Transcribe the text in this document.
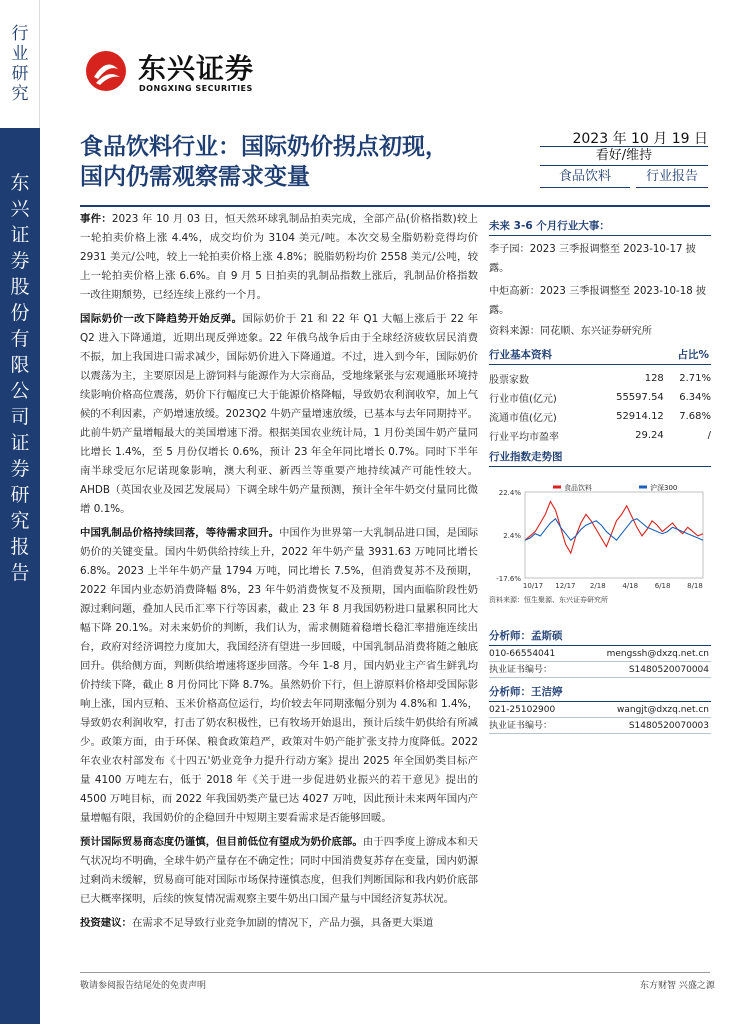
行业研究
东兴证券股份有限公司证券研究报告
东兴证券
DONGXING SECURITIES
食品饮料行业：国际奶价拐点初现，
国内仍需观察需求变量
2023 年 10 月 19 日
看好/维持
食品饮料	行业报告

事件：2023 年 10 月 03 日，恒天然环球乳制品拍卖完成，全部产品(价格指数)较上一轮拍卖价格上涨 4.4%，成交均价为 3104 美元/吨。本次交易全脂奶粉竞得均价 2931 美元/公吨，较上一轮拍卖价格上涨 4.8%；脱脂奶粉均价 2558 美元/公吨，较上一轮拍卖价格上涨 6.6%。自 9 月 5 日拍卖的乳制品指数上涨后，乳制品价格指数一改往期颓势，已经连续上涨约一个月。

国际奶价一改下降趋势开始反弹。国际奶价于 21 和 22 年 Q1 大幅上涨后于 22 年 Q2 进入下降通道，近期出现反弹迹象。22 年俄乌战争后由于全球经济疲软居民消费不振，加上我国进口需求减少，国际奶价进入下降通道。不过，进入到今年，国际奶价以震荡为主，主要原因是上游饲料与能源作为大宗商品，受地缘紧张与宏观通胀环境持续影响价格高位震荡，奶价下行幅度已大于能源价格降幅，导致奶农利润收窄，加上气候的不利因素，产奶增速放缓。2023Q2 牛奶产量增速放缓，已基本与去年同期持平。此前牛奶产量增幅最大的美国增速下滑。根据美国农业统计局，1 月份美国牛奶产量同比增长 1.4%，至 5 月份仅增长 0.6%，预计 23 年全年同比增长 0.7%。同时下半年南半球受厄尔尼诺现象影响，澳大利亚、新西兰等重要产地持续减产可能性较大。AHDB（英国农业及园艺发展局）下调全球牛奶产量预测，预计全年牛奶交付量同比微增 0.1%。

中国乳制品价格持续回落，等待需求回升。中国作为世界第一大乳制品进口国，是国际奶价的关键变量。国内牛奶供给持续上升，2022 年牛奶产量 3931.63 万吨同比增长 6.8%。2023 上半年牛奶产量 1794 万吨，同比增长 7.5%，但消费复苏不及预期，2022 年国内业态奶消费降幅 8%，23 年牛奶消费恢复不及预期，国内面临阶段性奶源过剩问题，叠加人民币汇率下行等因素，截止 23 年 8 月我国奶粉进口量累积同比大幅下降 20.1%。对未来奶价的判断，我们认为，需求侧随着稳增长稳汇率措施连续出台，政府对经济调控力度加大，我国经济有望进一步回暖，中国乳制品消费将随之触底回升。供给侧方面，判断供给增速将逐步回落。今年 1-8 月，国内奶业主产省生鲜乳均价持续下降，截止 8 月份同比下降 8.7%。虽然奶价下行，但上游原料价格却受国际影响上涨，国内豆粕、玉米价格高位运行，均价较去年同期涨幅分别为 4.8%和 1.4%，导致奶农利润收窄，打击了奶农积极性，已有牧场开始退出，预计后续牛奶供给有所减少。政策方面，由于环保、粮食政策趋严，政策对牛奶产能扩张支持力度降低。2022 年农业农村部发布《十四五'奶业竞争力提升行动方案》提出 2025 年全国奶类目标产量 4100 万吨左右，低于 2018 年《关于进一步促进奶业振兴的若干意见》提出的 4500 万吨目标，而 2022 年我国奶类产量已达 4027 万吨，因此预计未来两年国内产量增幅有限，我国奶价的企稳回升中短期主要看需求是否能够回暖。

预计国际贸易商态度仍谨慎，但目前低位有望成为奶价底部。由于四季度上游成本和天气状况均不明确，全球牛奶产量存在不确定性；同时中国消费复苏存在变量，国内奶源过剩尚未缓解，贸易商可能对国际市场保持谨慎态度，但我们判断国际和我内奶价底部已大概率探明，后续的恢复情况需观察主要牛奶出口国产量与中国经济复苏状况。

投资建议：在需求不足导致行业竞争加剧的情况下，产品力强，具备更大渠道

未来 3-6 个月行业大事：
李子园：2023 三季报调整至 2023-10-17 披露。
中炬高新：2023 三季报调整至 2023-10-18 披露。
资料来源：同花顺、东兴证券研究所
行业基本资料	占比%
股票家数	128	2.71%
行业市值(亿元)	55597.54	6.34%
流通市值(亿元)	52914.12	7.68%
行业平均市盈率	29.24	/
行业指数走势图
22.4%
2.4%
-17.6%
10/17 12/17 2/18 4/18 6/18 8/18
食品饮料	沪深300
资料来源：恒生聚源、东兴证券研究所
分析师：孟斯硕
010-66554041	mengssh@dxzq.net.cn
执业证书编号：	S1480520070004
分析师：王洁婷
021-25102900	wangjt@dxzq.net.cn
执业证书编号：	S1480520070003
敬请参阅报告结尾处的免责声明	东方财智 兴盛之源
